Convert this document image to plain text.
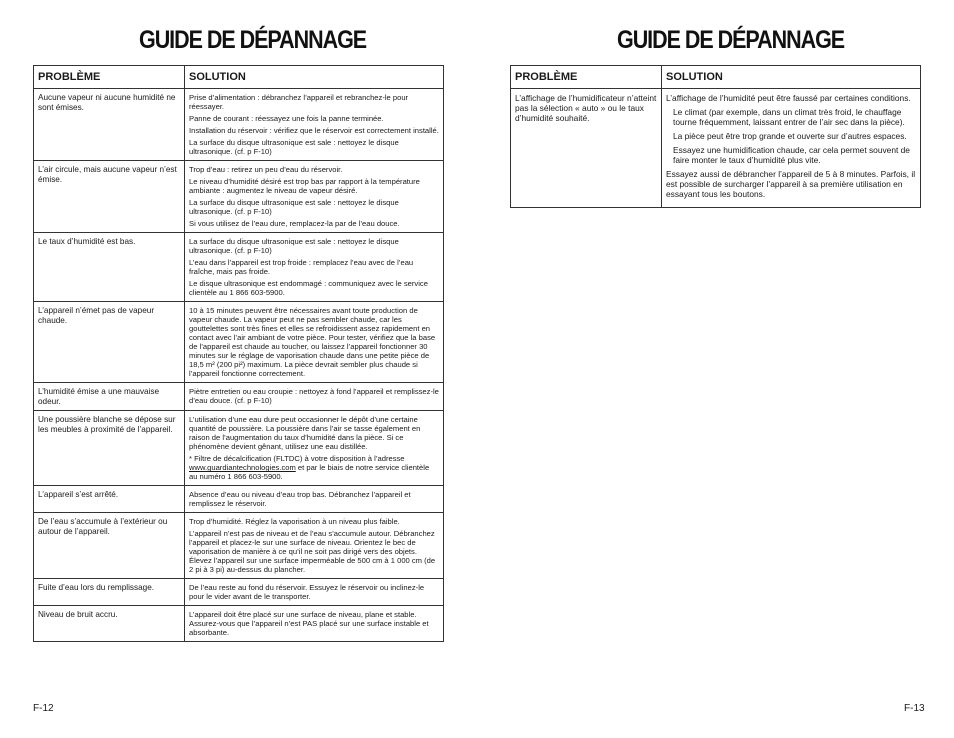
GUIDE DE DÉPANNAGE
PROBLÈME	SOLUTION
Aucune vapeur ni aucune humidité ne sont émises.	Prise d’alimentation : débranchez l’appareil et rebranchez-le pour réessayer.

Panne de courant : réessayez une fois la panne terminée.

Installation du réservoir : vérifiez que le réservoir est correctement installé.

La surface du disque ultrasonique est sale : nettoyez le disque ultrasonique. (cf. p F-10)

L’air circule, mais aucune vapeur n’est émise.	Trop d’eau : retirez un peu d’eau du réservoir.

Le niveau d’humidité désiré est trop bas par rapport à la température ambiante : augmentez le niveau de vapeur désiré.

La surface du disque ultrasonique est sale : nettoyez le disque ultrasonique. (cf. p F-10)

Si vous utilisez de l’eau dure, remplacez-la par de l’eau douce.

Le taux d’humidité est bas.	La surface du disque ultrasonique est sale : nettoyez le disque ultrasonique. (cf. p F-10)

L’eau dans l’appareil est trop froide : remplacez l’eau avec de l’eau fraîche, mais pas froide.

Le disque ultrasonique est endommagé : communiquez avec le service clientèle au 1 866 603-5900.

L’appareil n’émet pas de vapeur chaude.	10 à 15 minutes peuvent être nécessaires avant toute production de vapeur chaude. La vapeur peut ne pas sembler chaude, car les gouttelettes sont très fines et elles se refroidissent assez rapidement en contact avec l’air ambiant de votre pièce. Pour tester, vérifiez que la base de l’appareil est chaude au toucher, ou laissez l’appareil fonctionner 30 minutes sur le réglage de vaporisation chaude dans une petite pièce de 18,5 m² (200 pi²) maximum. La pièce devrait sembler plus chaude si l’appareil fonctionne correctement.

L’humidité émise a une mauvaise odeur.	Piètre entretien ou eau croupie : nettoyez à fond l’appareil et remplissez-le d’eau douce. (cf. p F-10)

Une poussière blanche se dépose sur les meubles à proximité de l’appareil.	L’utilisation d’une eau dure peut occasionner le dépôt d’une certaine quantité de poussière. La poussière dans l’air se tasse également en raison de l’augmentation du taux d’humidité dans la pièce. Si ce phénomène devient gênant, utilisez une eau distillée.

* Filtre de décalcification (FLTDC) à votre disposition à l’adresse www.guardiantechnologies.com et par le biais de notre service clientèle au numéro 1 866 603-5900.

L’appareil s’est arrêté.	Absence d’eau ou niveau d’eau trop bas. Débranchez l’appareil et remplissez le réservoir.

De l’eau s’accumule à l’extérieur ou autour de l’appareil.	Trop d’humidité. Réglez la vaporisation à un niveau plus faible.

L’appareil n’est pas de niveau et de l’eau s’accumule autour. Débranchez l’appareil et placez-le sur une surface de niveau. Orientez le bec de vaporisation de manière à ce qu’il ne soit pas dirigé vers des objets. Élevez l’appareil sur une surface imperméable de 500 cm à 1 000 cm (de 2 pi à 3 pi) au-dessus du plancher.

Fuite d’eau lors du remplissage.	De l’eau reste au fond du réservoir. Essuyez le réservoir ou inclinez-le pour le vider avant de le transporter.

Niveau de bruit accru.	L’appareil doit être placé sur une surface de niveau, plane et stable. Assurez-vous que l’appareil n’est PAS placé sur une surface instable et absorbante.

F-12
GUIDE DE DÉPANNAGE
PROBLÈME	SOLUTION
L’affichage de l’humidificateur n’atteint pas la sélection « auto » ou le taux d’humidité souhaité.	L’affichage de l’humidité peut être faussé par certaines conditions.

Le climat (par exemple, dans un climat très froid, le chauffage tourne fréquemment, laissant entrer de l’air sec dans la pièce).

La pièce peut être trop grande et ouverte sur d’autres espaces.

Essayez une humidification chaude, car cela permet souvent de faire monter le taux d’humidité plus vite.

Essayez aussi de débrancher l’appareil de 5 à 8 minutes. Parfois, il est possible de surcharger l’appareil à sa première utilisation en essayant tous les boutons.

F-13
